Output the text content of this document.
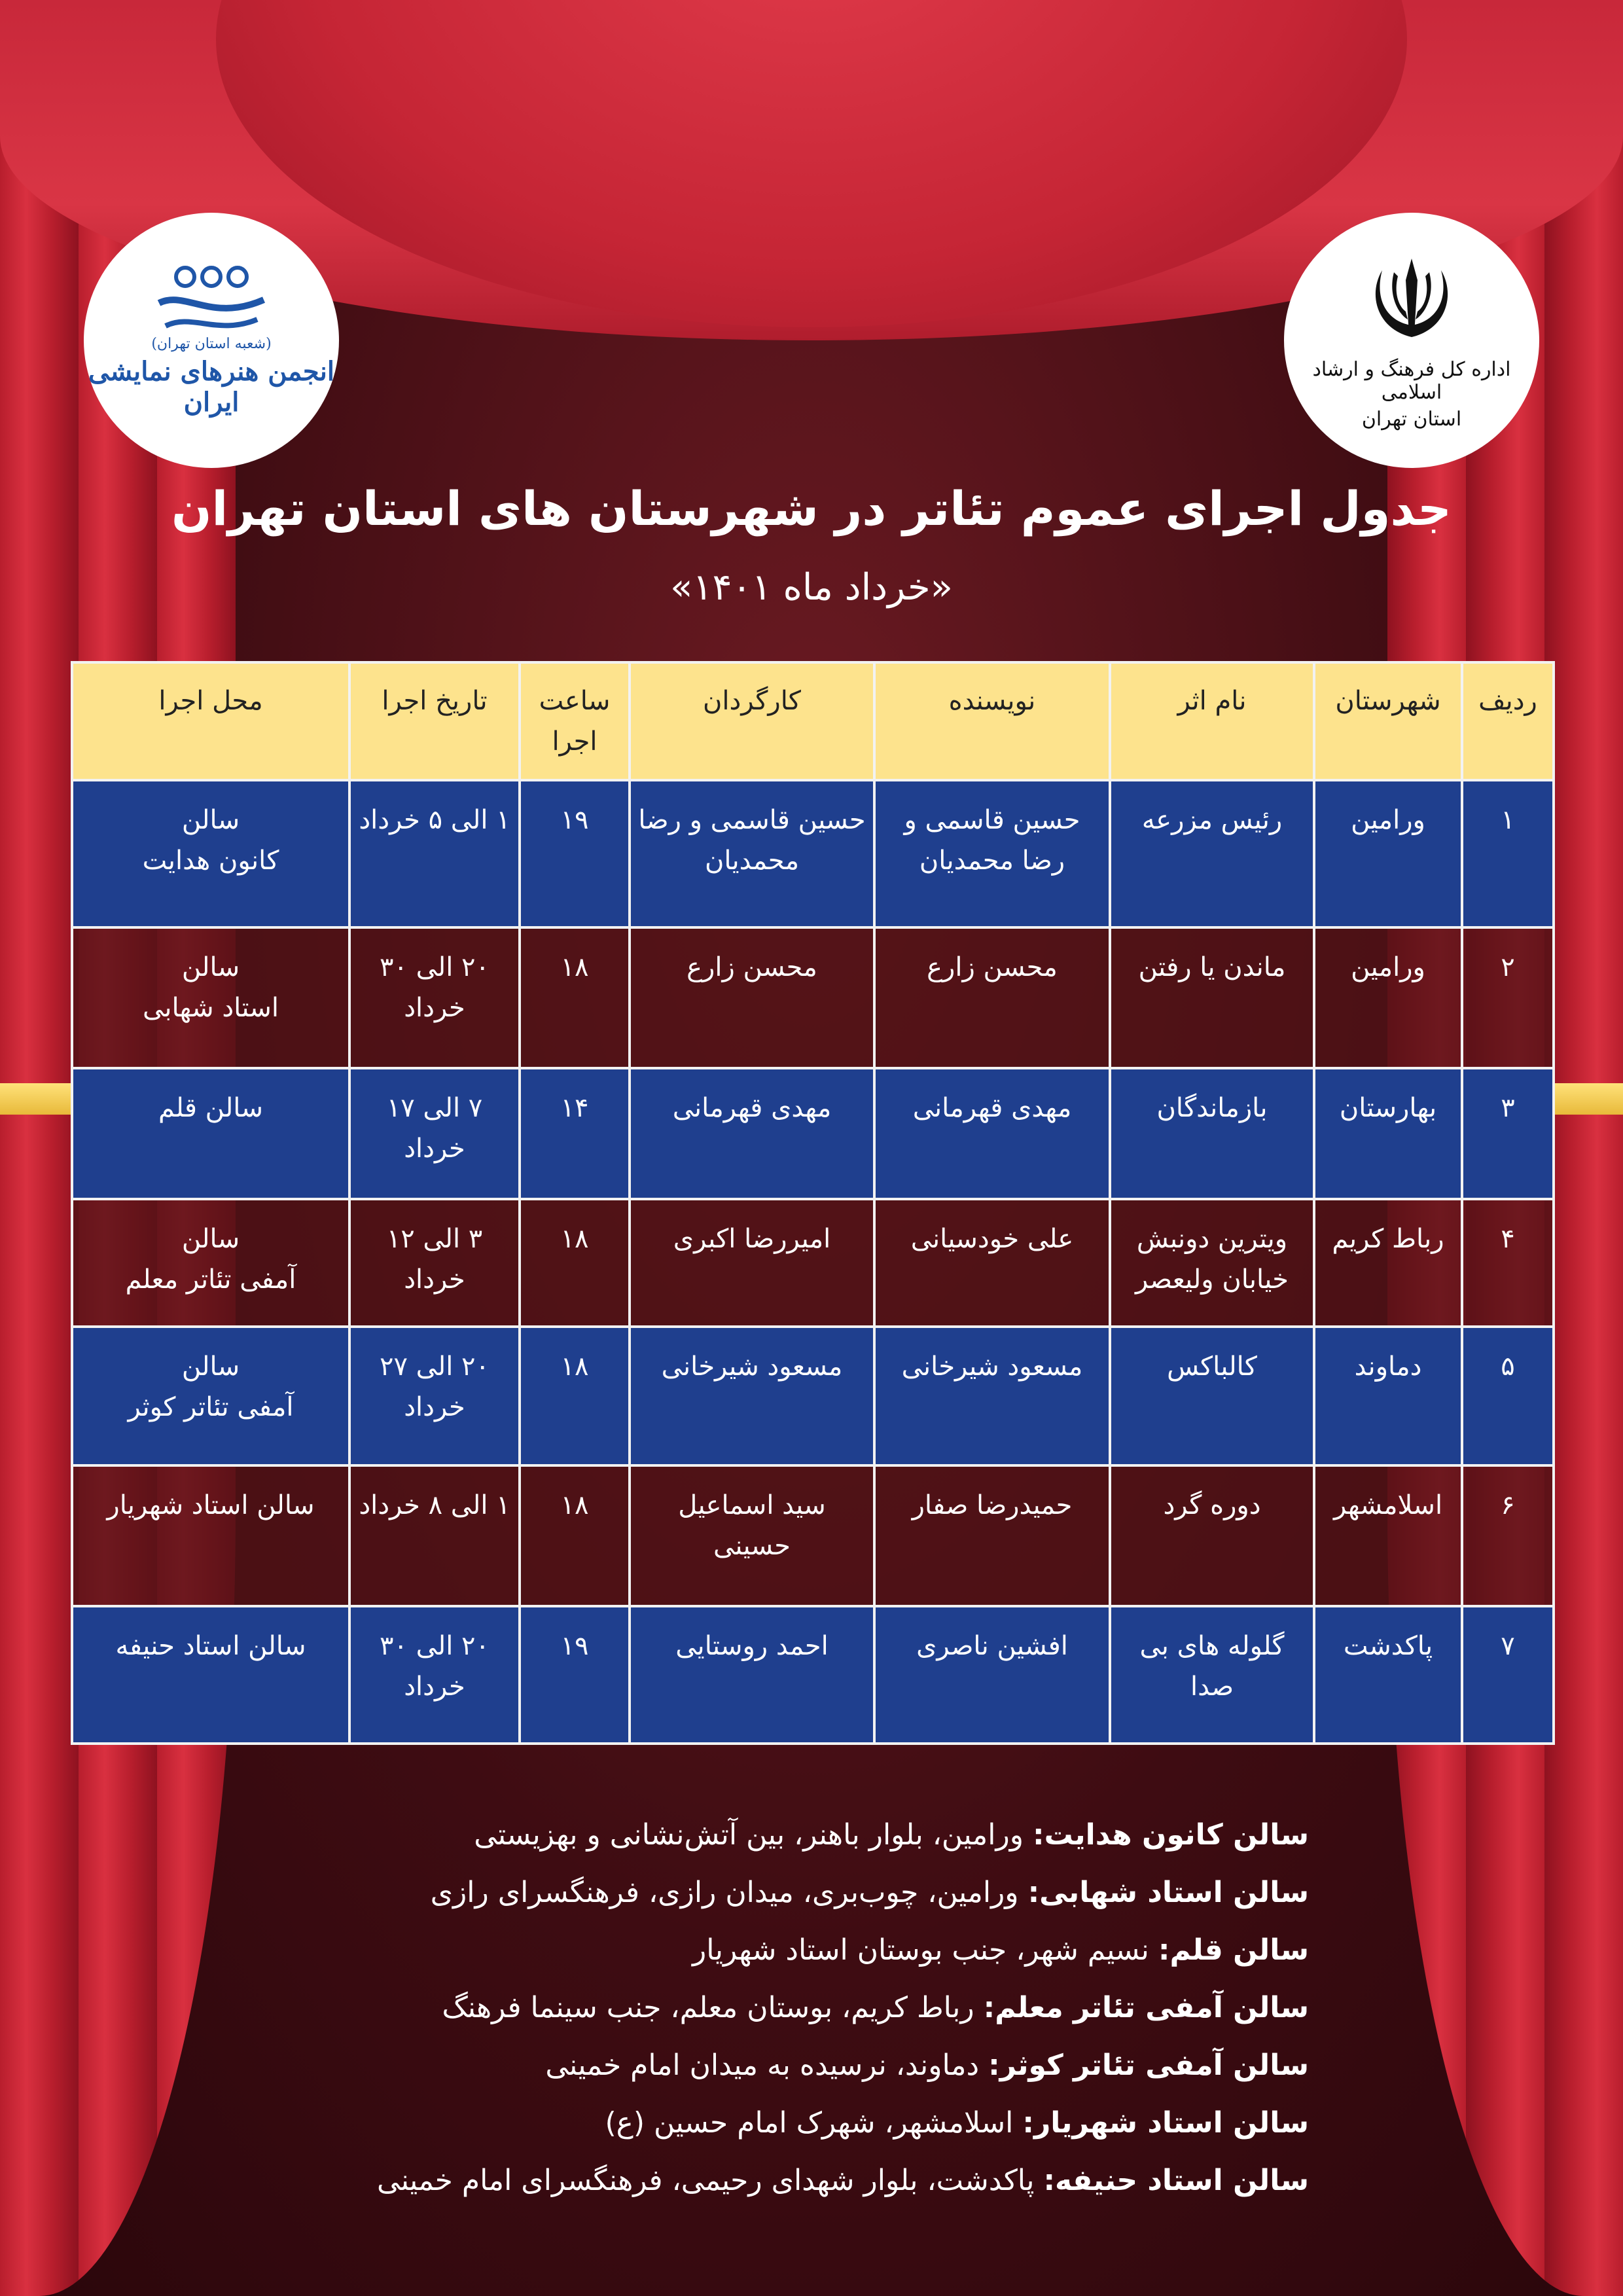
اداره کل فرهنگ و ارشاد اسلامی
استان تهران
(شعبه استان تهران)
انجمن هنرهای نمایشی ایران
جدول اجرای عموم تئاتر در شهرستان های استان تهران
«خرداد ماه ۱۴۰۱»
ردیف	شهرستان	نام اثر	نویسنده	کارگردان	ساعت اجرا	تاریخ اجرا	محل اجرا
۱	ورامین	رئیس مزرعه	حسین قاسمی و رضا محمدیان	حسین قاسمی و رضا محمدیان	۱۹	۱ الی ۵ خرداد	سالن
کانون هدایت

۲	ورامین	ماندن یا رفتن	محسن زارع	محسن زارع	۱۸	۲۰ الی ۳۰ خرداد	سالن
استاد شهابی

۳	بهارستان	بازماندگان	مهدی قهرمانی	مهدی قهرمانی	۱۴	۷ الی ۱۷ خرداد	سالن قلم

۴	رباط کریم	ویترین دونبش خیابان ولیعصر	علی خودسیانی	امیررضا اکبری	۱۸	۳ الی ۱۲ خرداد	سالن
آمفی تئاتر معلم

۵	دماوند	کالباکس	مسعود شیرخانی	مسعود شیرخانی	۱۸	۲۰ الی ۲۷ خرداد	سالن
آمفی تئاتر کوثر

۶	اسلامشهر	دوره گرد	حمیدرضا صفار	سید اسماعیل حسینی	۱۸	۱ الی ۸ خرداد	سالن استاد شهریار

۷	پاکدشت	گلوله های بی صدا	افشین ناصری	احمد روستایی	۱۹	۲۰ الی ۳۰ خرداد	سالن استاد حنیفه
سالن کانون هدایت: ورامین، بلوار باهنر، بین آتش‌نشانی و بهزیستی
سالن استاد شهابی: ورامین، چوب‌بری، میدان رازی، فرهنگسرای رازی
سالن قلم: نسیم شهر، جنب بوستان استاد شهریار
سالن آمفی تئاتر معلم: رباط کریم، بوستان معلم، جنب سینما فرهنگ
سالن آمفی تئاتر کوثر: دماوند، نرسیده به میدان امام خمینی
سالن استاد شهریار: اسلامشهر، شهرک امام حسین (ع)
سالن استاد حنیفه: پاکدشت، بلوار شهدای رحیمی، فرهنگسرای امام خمینی
